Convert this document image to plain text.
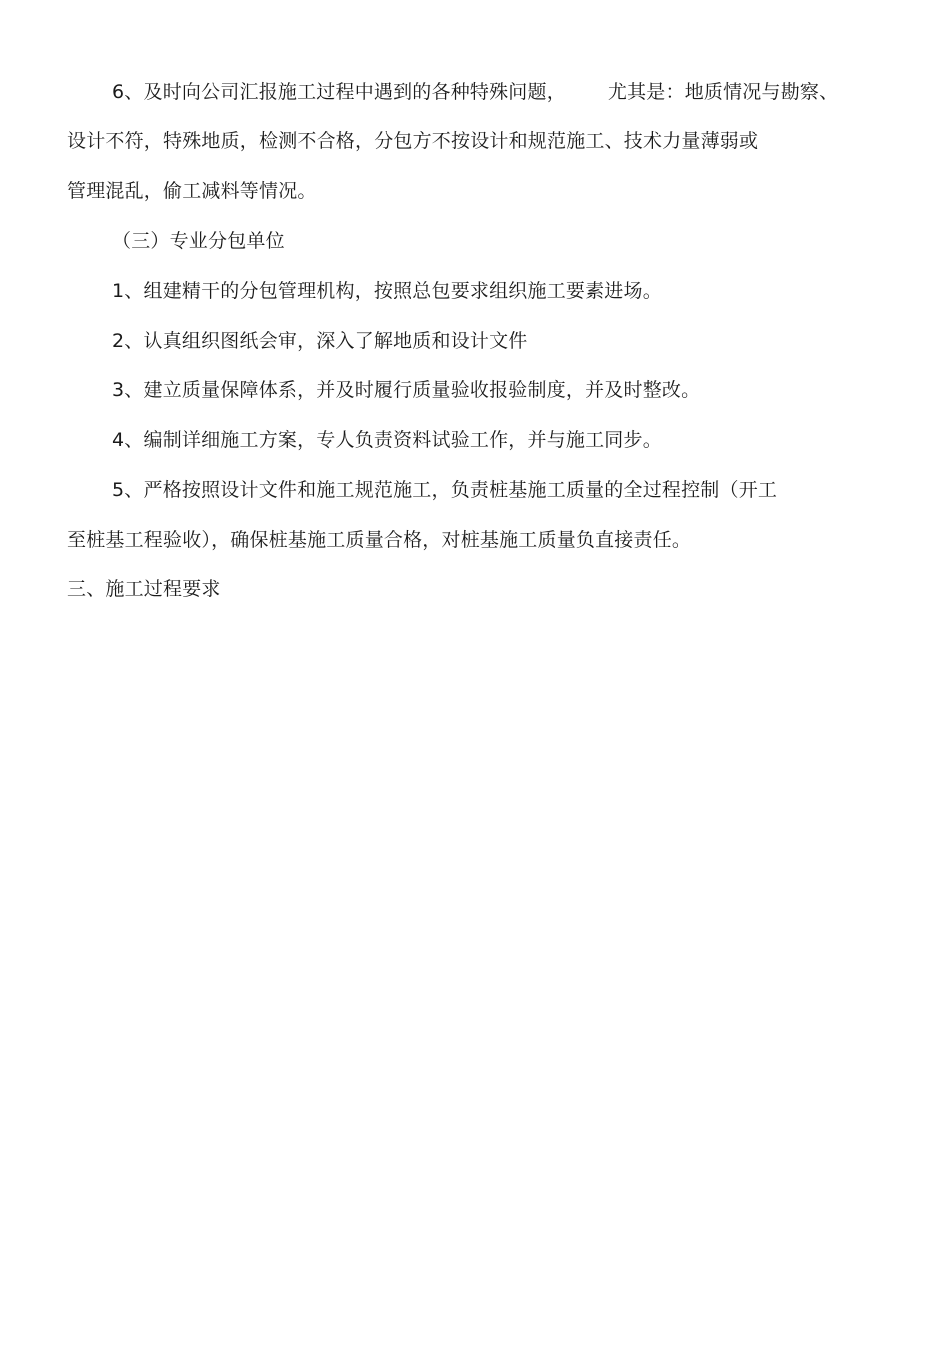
6、及时向公司汇报施工过程中遇到的各种特殊问题， 尤其是：地质情况与勘察、
设计不符，特殊地质，检测不合格，分包方不按设计和规范施工、技术力量薄弱或
管理混乱，偷工减料等情况。
（三）专业分包单位
1、组建精干的分包管理机构，按照总包要求组织施工要素进场。
2、认真组织图纸会审，深入了解地质和设计文件
3、建立质量保障体系，并及时履行质量验收报验制度，并及时整改。
4、编制详细施工方案，专人负责资料试验工作，并与施工同步。
5、严格按照设计文件和施工规范施工，负责桩基施工质量的全过程控制（开工
至桩基工程验收），确保桩基施工质量合格，对桩基施工质量负直接责任。
三、施工过程要求
